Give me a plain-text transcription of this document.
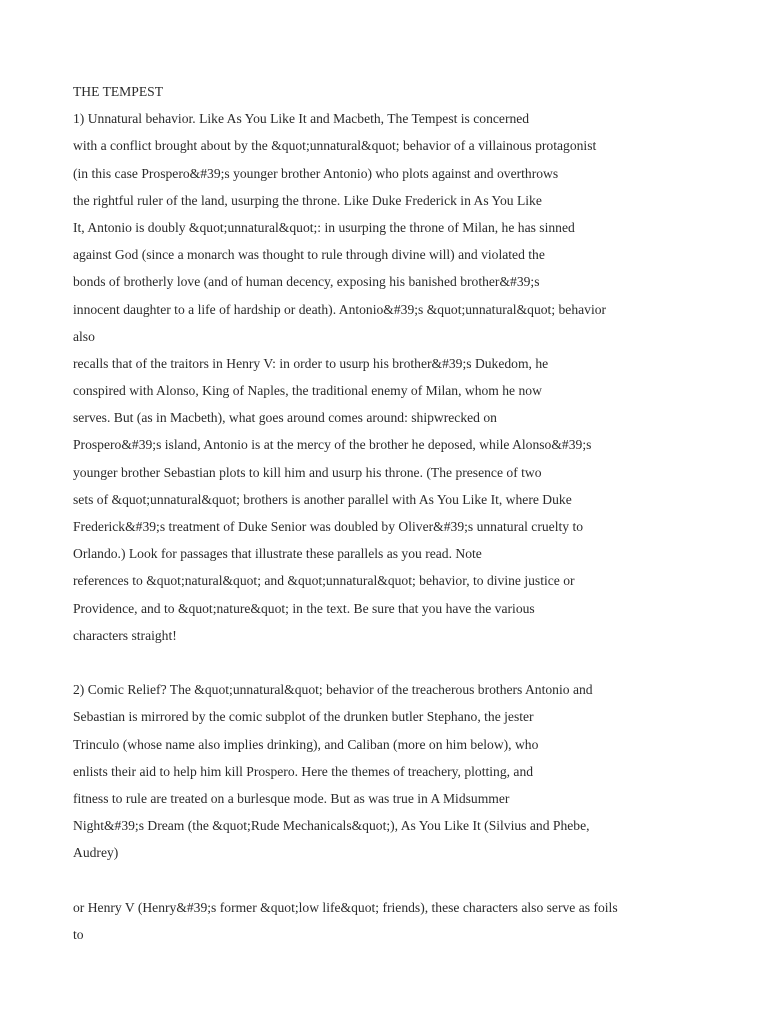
THE TEMPEST
1) Unnatural behavior. Like As You Like It and Macbeth, The Tempest is concerned
with a conflict brought about by the &quot;unnatural&quot; behavior of a villainous protagonist
(in this case Prospero&#39;s younger brother Antonio) who plots against and overthrows
the rightful ruler of the land, usurping the throne. Like Duke Frederick in As You Like
It, Antonio is doubly &quot;unnatural&quot;: in usurping the throne of Milan, he has sinned
against God (since a monarch was thought to rule through divine will) and violated the
bonds of brotherly love (and of human decency, exposing his banished brother&#39;s
innocent daughter to a life of hardship or death). Antonio&#39;s &quot;unnatural&quot; behavior
also
recalls that of the traitors in Henry V: in order to usurp his brother&#39;s Dukedom, he
conspired with Alonso, King of Naples, the traditional enemy of Milan, whom he now
serves. But (as in Macbeth), what goes around comes around: shipwrecked on
Prospero&#39;s island, Antonio is at the mercy of the brother he deposed, while Alonso&#39;s
younger brother Sebastian plots to kill him and usurp his throne. (The presence of two
sets of &quot;unnatural&quot; brothers is another parallel with As You Like It, where Duke
Frederick&#39;s treatment of Duke Senior was doubled by Oliver&#39;s unnatural cruelty to
Orlando.) Look for passages that illustrate these parallels as you read. Note
references to &quot;natural&quot; and &quot;unnatural&quot; behavior, to divine justice or
Providence, and to &quot;nature&quot; in the text. Be sure that you have the various
characters straight!
2) Comic Relief? The &quot;unnatural&quot; behavior of the treacherous brothers Antonio and
Sebastian is mirrored by the comic subplot of the drunken butler Stephano, the jester
Trinculo (whose name also implies drinking), and Caliban (more on him below), who
enlists their aid to help him kill Prospero. Here the themes of treachery, plotting, and
fitness to rule are treated on a burlesque mode. But as was true in A Midsummer
Night&#39;s Dream (the &quot;Rude Mechanicals&quot;), As You Like It (Silvius and Phebe,
Audrey)
or Henry V (Henry&#39;s former &quot;low life&quot; friends), these characters also serve as foils
to
